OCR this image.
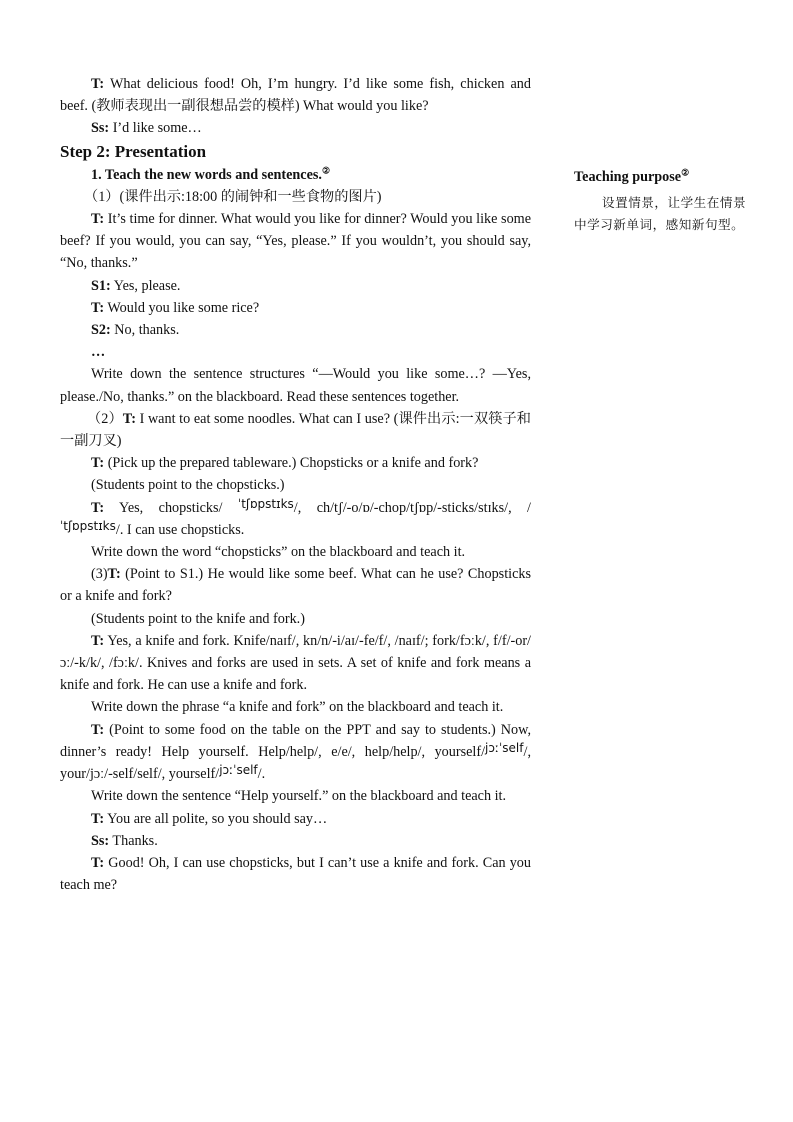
T: What delicious food! Oh, I’m hungry. I’d like some fish, chicken and beef. (教师表现出一副很想品尝的模样) What would you like?

Ss: I’d like some…

Step 2: Presentation

1. Teach the new words and sentences.②

（1）(课件出示:18:00 的闹钟和一些食物的图片)

T: It’s time for dinner. What would you like for dinner? Would you like some beef? If you would, you can say, “Yes, please.” If you wouldn’t, you should say, “No, thanks.”

S1: Yes, please.

T: Would you like some rice?

S2: No, thanks.

…

Write down the sentence structures “—Would you like some…? —Yes, please./No, thanks.” on the blackboard. Read these sentences together.

（2）T: I want to eat some noodles. What can I use? (课件出示:一双筷子和一副刀叉)

T: (Pick up the prepared tableware.) Chopsticks or a knife and fork?

(Students point to the chopsticks.)

T: Yes, chopsticks/ $^{ˈtʃɒpstɪks}$/, ch/tʃ/-o/ɒ/-chop/tʃɒp/-sticks/stɪks/, /$^{ˈtʃɒpstɪks}$/. I can use chopsticks.

Write down the word “chopsticks” on the blackboard and teach it.

(3)T: (Point to S1.) He would like some beef. What can he use? Chopsticks or a knife and fork?

(Students point to the knife and fork.)

T: Yes, a knife and fork. Knife/naɪf/, kn/n/-i/aɪ/-fe/f/, /naɪf/; fork/fɔːk/, f/f/-or/ɔː/-k/k/, /fɔːk/. Knives and forks are used in sets. A set of knife and fork means a knife and fork. He can use a knife and fork.

Write down the phrase “a knife and fork” on the blackboard and teach it.

T: (Point to some food on the table on the PPT and say to students.) Now, dinner’s ready! Help yourself. Help/help/, e/e/, help/help/, yourself/$^{jɔːˈself}$/, your/jɔː/-self/self/, yourself/$^{jɔːˈself}$/.

Write down the sentence “Help yourself.” on the blackboard and teach it.

T: You are all polite, so you should say…

Ss: Thanks.

T: Good! Oh, I can use chopsticks, but I can’t use a knife and fork. Can you teach me?

Teaching purpose②

设置情景，让学生在情景中学习新单词，感知新句型。
